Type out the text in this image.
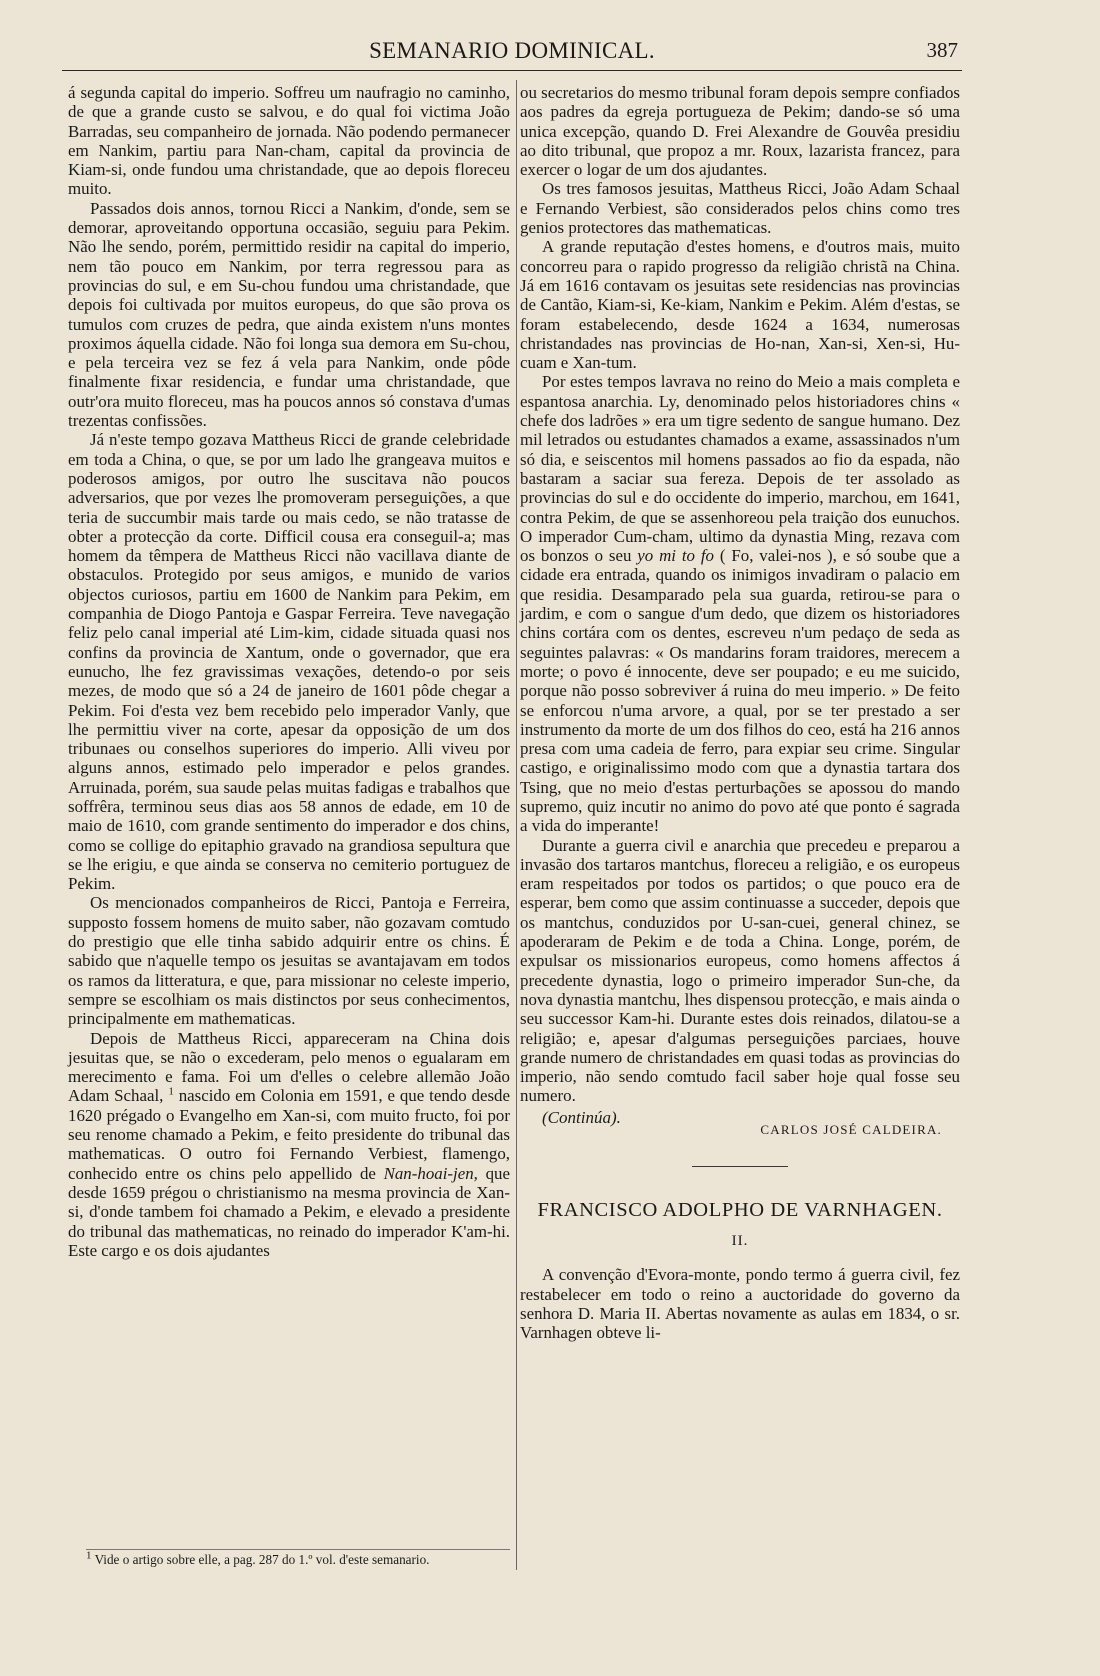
SEMANARIO DOMINICAL.	387

á segunda capital do imperio. Soffreu um naufragio no caminho, de que a grande custo se salvou, e do qual foi victima João Barradas, seu companheiro de jornada. Não podendo permanecer em Nankim, partiu para Nan-cham, capital da provincia de Kiam-si, onde fundou uma christandade, que ao depois floreceu muito.

Passados dois annos, tornou Ricci a Nankim, d'onde, sem se demorar, aproveitando opportuna occasião, seguiu para Pekim. Não lhe sendo, porém, permittido residir na capital do imperio, nem tão pouco em Nankim, por terra regressou para as provincias do sul, e em Su-chou fundou uma christandade, que depois foi cultivada por muitos europeus, do que são prova os tumulos com cruzes de pedra, que ainda existem n'uns montes proximos áquella cidade. Não foi longa sua demora em Su-chou, e pela terceira vez se fez á vela para Nankim, onde pôde finalmente fixar residencia, e fundar uma christandade, que outr'ora muito floreceu, mas ha poucos annos só constava d'umas trezentas confissões.

Já n'este tempo gozava Mattheus Ricci de grande celebridade em toda a China, o que, se por um lado lhe grangeava muitos e poderosos amigos, por outro lhe suscitava não poucos adversarios, que por vezes lhe promoveram perseguições, a que teria de succumbir mais tarde ou mais cedo, se não tratasse de obter a protecção da corte. Difficil cousa era conseguil-a; mas homem da têmpera de Mattheus Ricci não vacillava diante de obstaculos. Protegido por seus amigos, e munido de varios objectos curiosos, partiu em 1600 de Nankim para Pekim, em companhia de Diogo Pantoja e Gaspar Ferreira. Teve navegação feliz pelo canal imperial até Lim-kim, cidade situada quasi nos confins da provincia de Xantum, onde o governador, que era eunucho, lhe fez gravissimas vexações, detendo-o por seis mezes, de modo que só a 24 de janeiro de 1601 pôde chegar a Pekim. Foi d'esta vez bem recebido pelo imperador Vanly, que lhe permittiu viver na corte, apesar da opposição de um dos tribunaes ou conselhos superiores do imperio. Alli viveu por alguns annos, estimado pelo imperador e pelos grandes. Arruinada, porém, sua saude pelas muitas fadigas e trabalhos que soffrêra, terminou seus dias aos 58 annos de edade, em 10 de maio de 1610, com grande sentimento do imperador e dos chins, como se collige do epitaphio gravado na grandiosa sepultura que se lhe erigiu, e que ainda se conserva no cemiterio portuguez de Pekim.

Os mencionados companheiros de Ricci, Pantoja e Ferreira, supposto fossem homens de muito saber, não gozavam comtudo do prestigio que elle tinha sabido adquirir entre os chins. É sabido que n'aquelle tempo os jesuitas se avantajavam em todos os ramos da litteratura, e que, para missionar no celeste imperio, sempre se escolhiam os mais distinctos por seus conhecimentos, principalmente em mathematicas.

Depois de Mattheus Ricci, appareceram na China dois jesuitas que, se não o excederam, pelo menos o egualaram em merecimento e fama. Foi um d'elles o celebre allemão João Adam Schaal, $^1$ nascido em Colonia em 1591, e que tendo desde 1620 prégado o Evangelho em Xan-si, com muito fructo, foi por seu renome chamado a Pekim, e feito presidente do tribunal das mathematicas. O outro foi Fernando Verbiest, flamengo, conhecido entre os chins pelo appellido de Nan-hoai-jen, que desde 1659 prégou o christianismo na mesma provincia de Xan-si, d'onde tambem foi chamado a Pekim, e elevado a presidente do tribunal das mathematicas, no reinado do imperador K'am-hi. Este cargo e os dois ajudantes

$^1$ Vide o artigo sobre elle, a pag. 287 do 1.º vol. d'este semanario.

ou secretarios do mesmo tribunal foram depois sempre confiados aos padres da egreja portugueza de Pekim; dando-se só uma unica excepção, quando D. Frei Alexandre de Gouvêa presidiu ao dito tribunal, que propoz a mr. Roux, lazarista francez, para exercer o logar de um dos ajudantes.

Os tres famosos jesuitas, Mattheus Ricci, João Adam Schaal e Fernando Verbiest, são considerados pelos chins como tres genios protectores das mathematicas.

A grande reputação d'estes homens, e d'outros mais, muito concorreu para o rapido progresso da religião christã na China. Já em 1616 contavam os jesuitas sete residencias nas provincias de Cantão, Kiam-si, Ke-kiam, Nankim e Pekim. Além d'estas, se foram estabelecendo, desde 1624 a 1634, numerosas christandades nas provincias de Ho-nan, Xan-si, Xen-si, Hu-cuam e Xan-tum.

Por estes tempos lavrava no reino do Meio a mais completa e espantosa anarchia. Ly, denominado pelos historiadores chins « chefe dos ladrões » era um tigre sedento de sangue humano. Dez mil letrados ou estudantes chamados a exame, assassinados n'um só dia, e seiscentos mil homens passados ao fio da espada, não bastaram a saciar sua fereza. Depois de ter assolado as provincias do sul e do occidente do imperio, marchou, em 1641, contra Pekim, de que se assenhoreou pela traição dos eunuchos. O imperador Cum-cham, ultimo da dynastia Ming, rezava com os bonzos o seu yo mi to fo ( Fo, valei-nos ), e só soube que a cidade era entrada, quando os inimigos invadiram o palacio em que residia. Desamparado pela sua guarda, retirou-se para o jardim, e com o sangue d'um dedo, que dizem os historiadores chins cortára com os dentes, escreveu n'um pedaço de seda as seguintes palavras: « Os mandarins foram traidores, merecem a morte; o povo é innocente, deve ser poupado; e eu me suicido, porque não posso sobreviver á ruina do meu imperio. » De feito se enforcou n'uma arvore, a qual, por se ter prestado a ser instrumento da morte de um dos filhos do ceo, está ha 216 annos presa com uma cadeia de ferro, para expiar seu crime. Singular castigo, e originalissimo modo com que a dynastia tartara dos Tsing, que no meio d'estas perturbações se apossou do mando supremo, quiz incutir no animo do povo até que ponto é sagrada a vida do imperante!

Durante a guerra civil e anarchia que precedeu e preparou a invasão dos tartaros mantchus, floreceu a religião, e os europeus eram respeitados por todos os partidos; o que pouco era de esperar, bem como que assim continuasse a succeder, depois que os mantchus, conduzidos por U-san-cuei, general chinez, se apoderaram de Pekim e de toda a China. Longe, porém, de expulsar os missionarios europeus, como homens affectos á precedente dynastia, logo o primeiro imperador Sun-che, da nova dynastia mantchu, lhes dispensou protecção, e mais ainda o seu successor Kam-hi. Durante estes dois reinados, dilatou-se a religião; e, apesar d'algumas perseguições parciaes, houve grande numero de christandades em quasi todas as provincias do imperio, não sendo comtudo facil saber hoje qual fosse seu numero.

(Continúa).
CARLOS JOSÉ CALDEIRA.
FRANCISCO ADOLPHO DE VARNHAGEN.
II.

A convenção d'Evora-monte, pondo termo á guerra civil, fez restabelecer em todo o reino a auctoridade do governo da senhora D. Maria II. Abertas novamente as aulas em 1834, o sr. Varnhagen obteve li-
